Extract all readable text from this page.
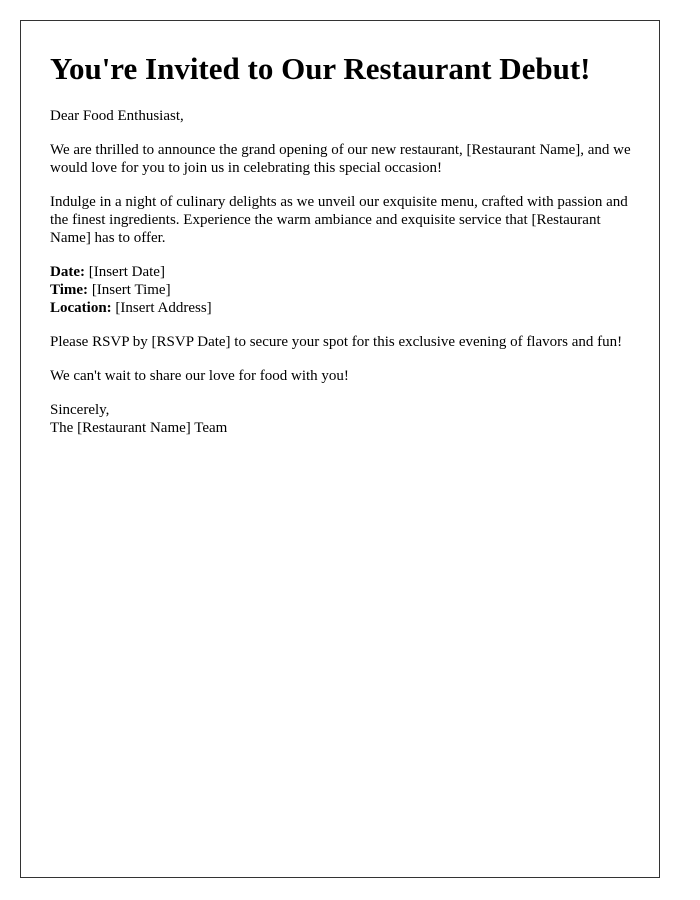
You're Invited to Our Restaurant Debut!

Dear Food Enthusiast,

We are thrilled to announce the grand opening of our new restaurant, [Restaurant Name], and we would love for you to join us in celebrating this special occasion!

Indulge in a night of culinary delights as we unveil our exquisite menu, crafted with passion and the finest ingredients. Experience the warm ambiance and exquisite service that [Restaurant Name] has to offer.

Date: [Insert Date]
Time: [Insert Time]
Location: [Insert Address]

Please RSVP by [RSVP Date] to secure your spot for this exclusive evening of flavors and fun!

We can't wait to share our love for food with you!

Sincerely,
The [Restaurant Name] Team
